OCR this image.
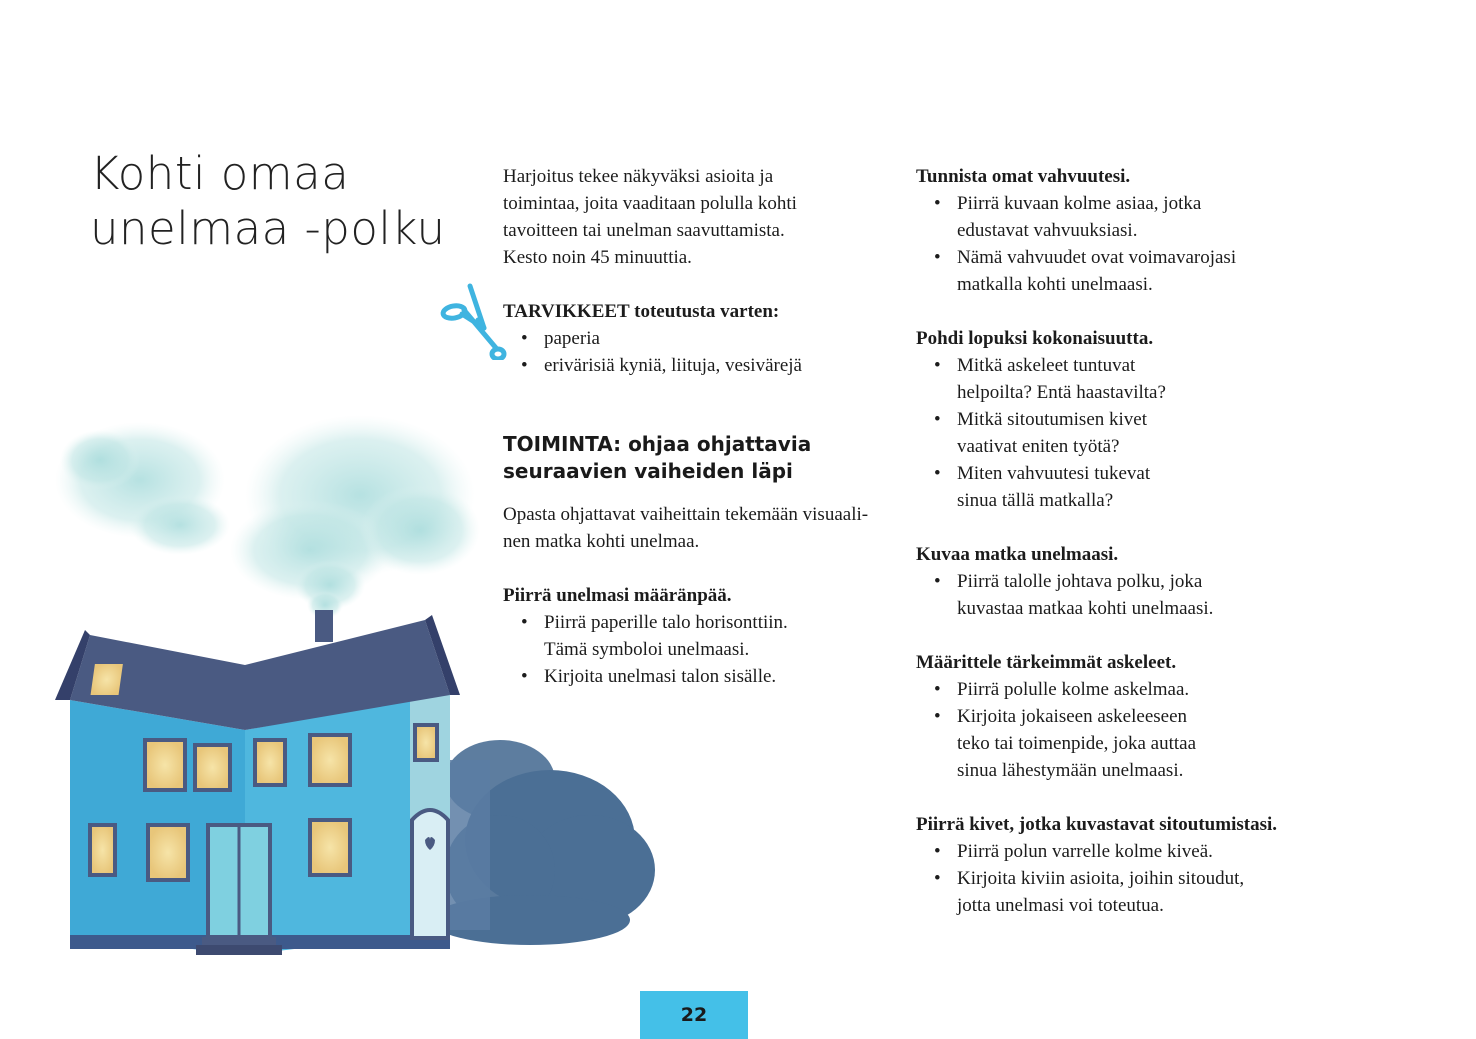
Kohti omaa
unelmaa -polku

Harjoitus tekee näkyväksi asioita ja

toimintaa, joita vaaditaan polulla kohti

tavoitteen tai unelman saavuttamista.

Kesto noin 45 minuuttia.

TARVIKKEET toteutusta varten:

• paperia
• erivärisiä kyniä, liituja, vesivärejä
TOIMINTA: ohjaa ohjattavia
seuraavien vaiheiden läpi

Opasta ohjattavat vaiheittain tekemään visuaali-

nen matka kohti unelmaa.

Piirrä unelmasi määränpää.

• Piirrä paperille talo horisonttiin.
Tämä symboloi unelmaasi.
• Kirjoita unelmasi talon sisälle.

Tunnista omat vahvuutesi.

• Piirrä kuvaan kolme asiaa, jotka
edustavat vahvuuksiasi.
• Nämä vahvuudet ovat voimavarojasi
matkalla kohti unelmaasi.

Pohdi lopuksi kokonaisuutta.

• Mitkä askeleet tuntuvat
helpoilta? Entä haastavilta?
• Mitkä sitoutumisen kivet
vaativat eniten työtä?
• Miten vahvuutesi tukevat
sinua tällä matkalla?

Kuvaa matka unelmaasi.

• Piirrä talolle johtava polku, joka
kuvastaa matkaa kohti unelmaasi.

Määrittele tärkeimmät askeleet.

• Piirrä polulle kolme askelmaa.
• Kirjoita jokaiseen askeleeseen
teko tai toimenpide, joka auttaa
sinua lähestymään unelmaasi.

Piirrä kivet, jotka kuvastavat sitoutumistasi.

• Piirrä polun varrelle kolme kiveä.
• Kirjoita kiviin asioita, joihin sitoudut,
jotta unelmasi voi toteutua.
22
